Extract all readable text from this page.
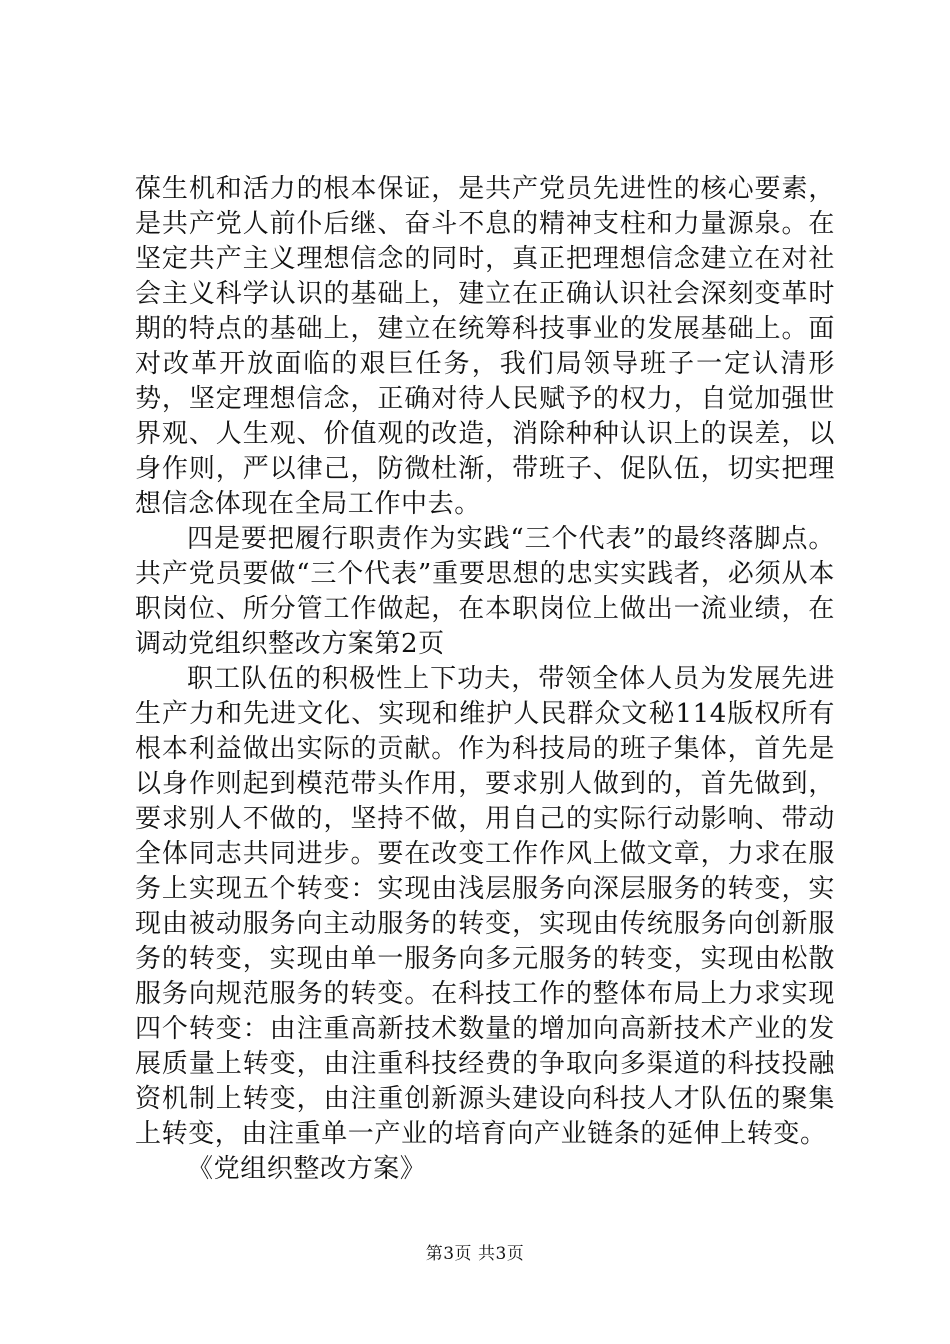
葆生机和活力的根本保证，是共产党员先进性的核心要素，是共产党人前仆后继、奋斗不息的精神支柱和力量源泉。在坚定共产主义理想信念的同时，真正把理想信念建立在对社会主义科学认识的基础上，建立在正确认识社会深刻变革时期的特点的基础上，建立在统筹科技事业的发展基础上。面对改革开放面临的艰巨任务，我们局领导班子一定认清形势，坚定理想信念，正确对待人民赋予的权力，自觉加强世界观、人生观、价值观的改造，消除种种认识上的误差，以身作则，严以律己，防微杜渐，带班子、促队伍，切实把理想信念体现在全局工作中去。

四是要把履行职责作为实践“三个代表”的最终落脚点。共产党员要做“三个代表”重要思想的忠实实践者，必须从本职岗位、所分管工作做起，在本职岗位上做出一流业绩，在调动党组织整改方案第2页

职工队伍的积极性上下功夫，带领全体人员为发展先进生产力和先进文化、实现和维护人民群众文秘114版权所有根本利益做出实际的贡献。作为科技局的班子集体，首先是以身作则起到模范带头作用，要求别人做到的，首先做到，要求别人不做的，坚持不做，用自己的实际行动影响、带动全体同志共同进步。要在改变工作作风上做文章，力求在服务上实现五个转变：实现由浅层服务向深层服务的转变，实现由被动服务向主动服务的转变，实现由传统服务向创新服务的转变，实现由单一服务向多元服务的转变，实现由松散服务向规范服务的转变。在科技工作的整体布局上力求实现四个转变：由注重高新技术数量的增加向高新技术产业的发展质量上转变，由注重科技经费的争取向多渠道的科技投融资机制上转变，由注重创新源头建设向科技人才队伍的聚集上转变，由注重单一产业的培育向产业链条的延伸上转变。

《党组织整改方案》

第3页 共3页
